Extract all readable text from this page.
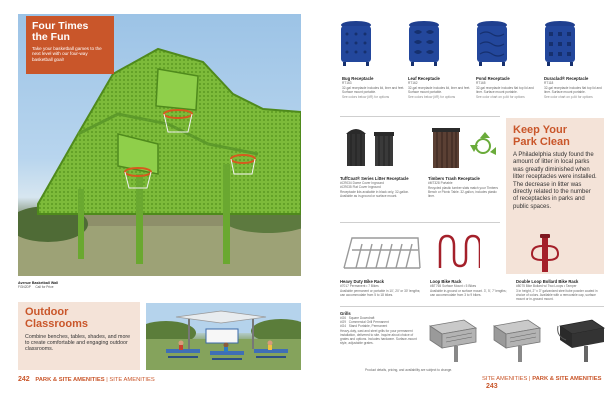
Four Times
the Fun
Take your basketball games to the next level with our four-way basketball goal!
Avenue Basketball Wall
FGN2DP Call for Price
Outdoor
Classrooms
Combine benches, tables, shades, and more to create comfortable and engaging outdoor classrooms.
242 PARK & SITE AMENITIES | SITE AMENITIES
Bug Receptacle
RT163
32-gal receptacle includes lid, liner and feet. Surface mount portable.
See colors below (#R) for options
Leaf Receptacle
RT162
32-gal receptacle includes lid, liner and feet. Surface mount portable.
See colors below (#R) for options
Pond Receptacle
RT165
32-gal receptacle includes flat top lid and liner. Surface mount portable.
See color chart on p.## for options
Duraclad® Receptacle
RT118
32-gal receptacle includes flat top lid and liner. Surface mount portable.
See color chart on p.## for options
TuffCoat® Series Litter Receptacle
#CR034 Dome Cover Inground
#CR035 Flat Cover Inground
Receptacle lids available in black only, 32-gallon. Available as in-ground or surface mount.
Timbers Trash Receptacle
#MT328 Portable
Recycled plastic lumber slats match your Timbers Bench or Picnic Table. 32-gallon, includes plastic liner.
Keep Your
Park Clean
A Philadelphia study found the amount of litter in local parks was greatly diminished when litter receptacles were installed. The decrease in litter was directly related to the number of receptacles in parks and public spaces.
Heavy Duty Bike Rack
#7017 Permanent • 7 Bikes
Available permanent or portable in 10', 20' or 30' lengths; can accommodate from 5 to 18 bikes.
Loop Bike Rack
#BT765 Surface Mount • 5 Bikes
Available in-ground or surface mount. 3', 5', 7' lengths; can accommodate from 3 to 9 bikes.
Double Loop Bollard Bike Rack
#8075 Bike Bollard w/ Two Loops • Tamper
3 in height, 2" x 3" galvanized steel tube powder coated in choice of colors. Available with a removable cap, surface mount or in-ground mount.
Grills
#G6 Square Downdraft
#G9 Commercial Grill Permanent
#G4 Stand Portable, Permanent
Heavy-duty, cast and steel grills for your permanent installation, delivered to site. Inquire about choice of grates and options. Includes hardware. Surface-mount style, adjustable grates.
Product details, pricing, and availability are subject to change.
SITE AMENITIES | PARK & SITE AMENITIES 243
